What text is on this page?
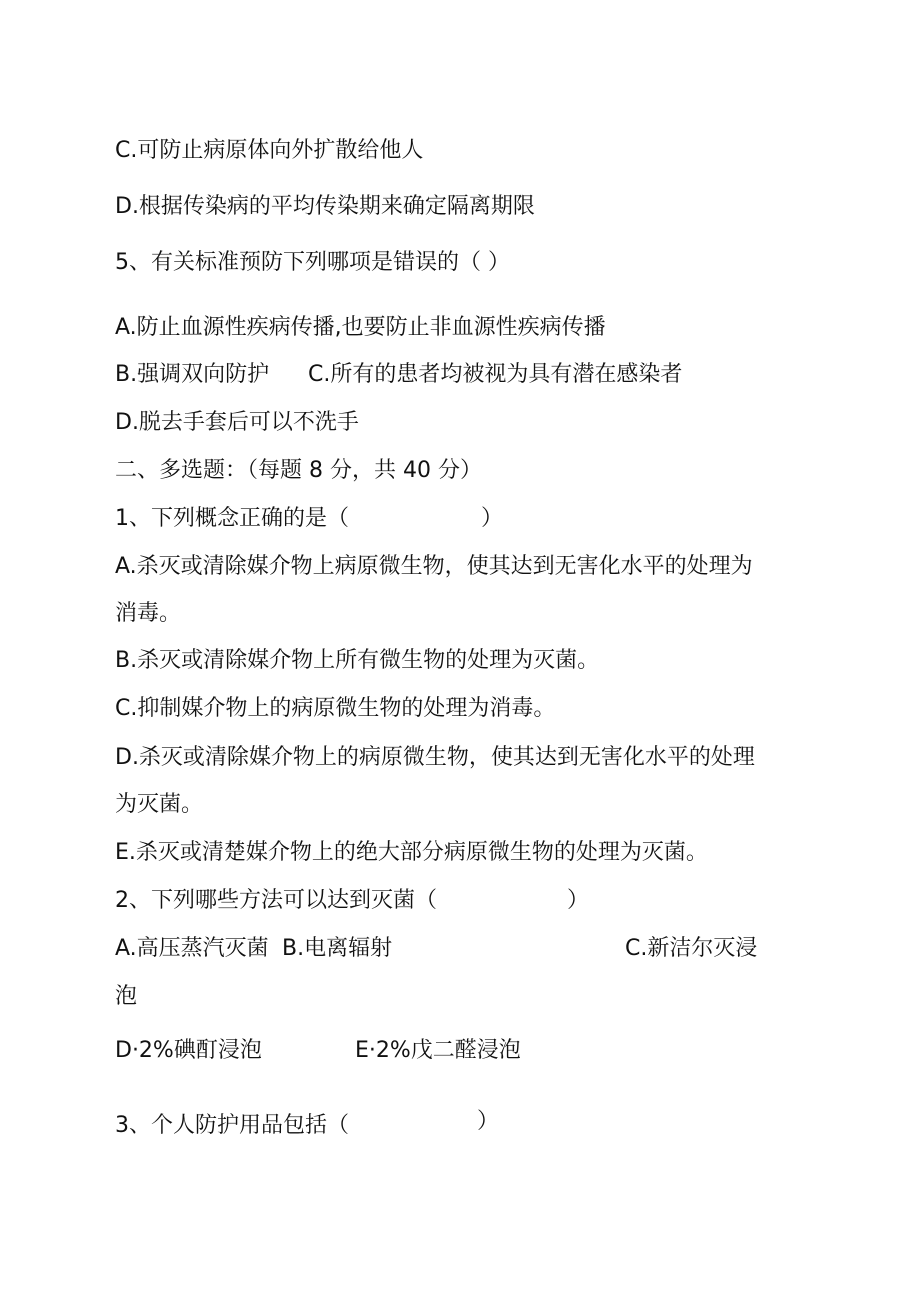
C.可防止病原体向外扩散给他人
D.根据传染病的平均传染期来确定隔离期限
5、有关标准预防下列哪项是错误的（ ）
A.防止血源性疾病传播,也要防止非血源性疾病传播
B.强调双向防护 C.所有的患者均被视为具有潜在感染者
D.脱去手套后可以不洗手
二、多选题：（每题 8 分，共 40 分）
1、下列概念正确的是（	）
A.杀灭或清除媒介物上病原微生物，使其达到无害化水平的处理为
消毒。
B.杀灭或清除媒介物上所有微生物的处理为灭菌。
C.抑制媒介物上的病原微生物的处理为消毒。
D.杀灭或清除媒介物上的病原微生物，使其达到无害化水平的处理
为灭菌。
E.杀灭或清楚媒介物上的绝大部分病原微生物的处理为灭菌。
2、下列哪些方法可以达到灭菌（	）
A.高压蒸汽灭菌 B.电离辐射	C.新洁尔灭浸
泡
D·2%碘酊浸泡	E·2%戊二醛浸泡
3、个人防护用品包括（	）
